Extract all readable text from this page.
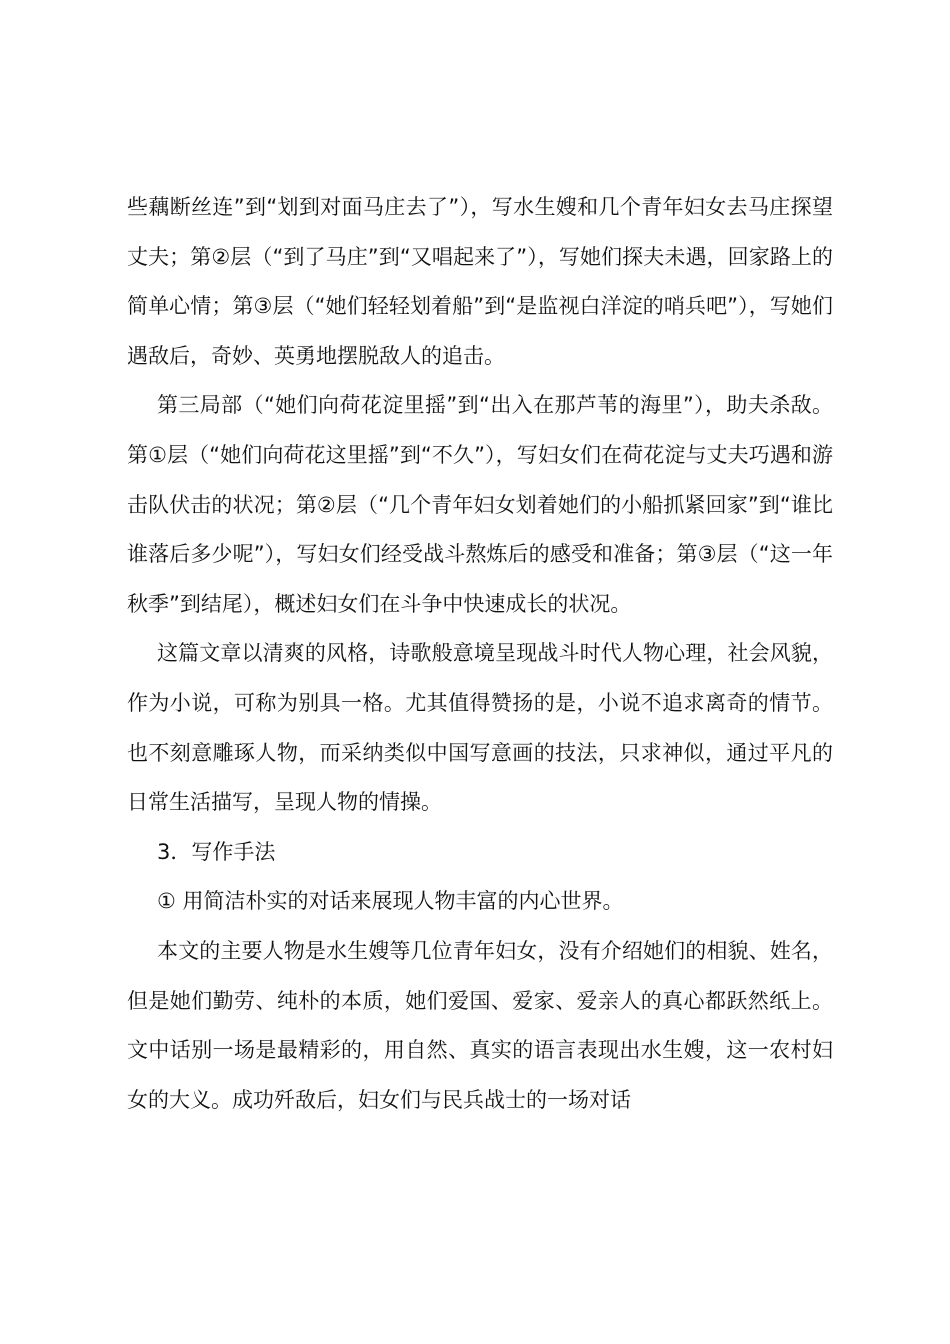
些藕断丝连”到“划到对面马庄去了”），写水生嫂和几个青年妇女去马庄探望丈夫；第②层（“到了马庄”到“又唱起来了”），写她们探夫未遇，回家路上的简单心情；第③层（“她们轻轻划着船”到“是监视白洋淀的哨兵吧”），写她们遇敌后，奇妙、英勇地摆脱敌人的追击。

第三局部（“她们向荷花淀里摇”到“出入在那芦苇的海里”），助夫杀敌。第①层（“她们向荷花这里摇”到“不久”），写妇女们在荷花淀与丈夫巧遇和游击队伏击的状况；第②层（“几个青年妇女划着她们的小船抓紧回家”到“谁比谁落后多少呢”），写妇女们经受战斗熬炼后的感受和准备；第③层（“这一年秋季”到结尾），概述妇女们在斗争中快速成长的状况。

这篇文章以清爽的风格，诗歌般意境呈现战斗时代人物心理，社会风貌，作为小说，可称为别具一格。尤其值得赞扬的是，小说不追求离奇的情节。也不刻意雕琢人物，而采纳类似中国写意画的技法，只求神似，通过平凡的日常生活描写，呈现人物的情操。

3．写作手法

① 用简洁朴实的对话来展现人物丰富的内心世界。

本文的主要人物是水生嫂等几位青年妇女，没有介绍她们的相貌、姓名，但是她们勤劳、纯朴的本质，她们爱国、爱家、爱亲人的真心都跃然纸上。文中话别一场是最精彩的，用自然、真实的语言表现出水生嫂，这一农村妇女的大义。成功歼敌后，妇女们与民兵战士的一场对话
